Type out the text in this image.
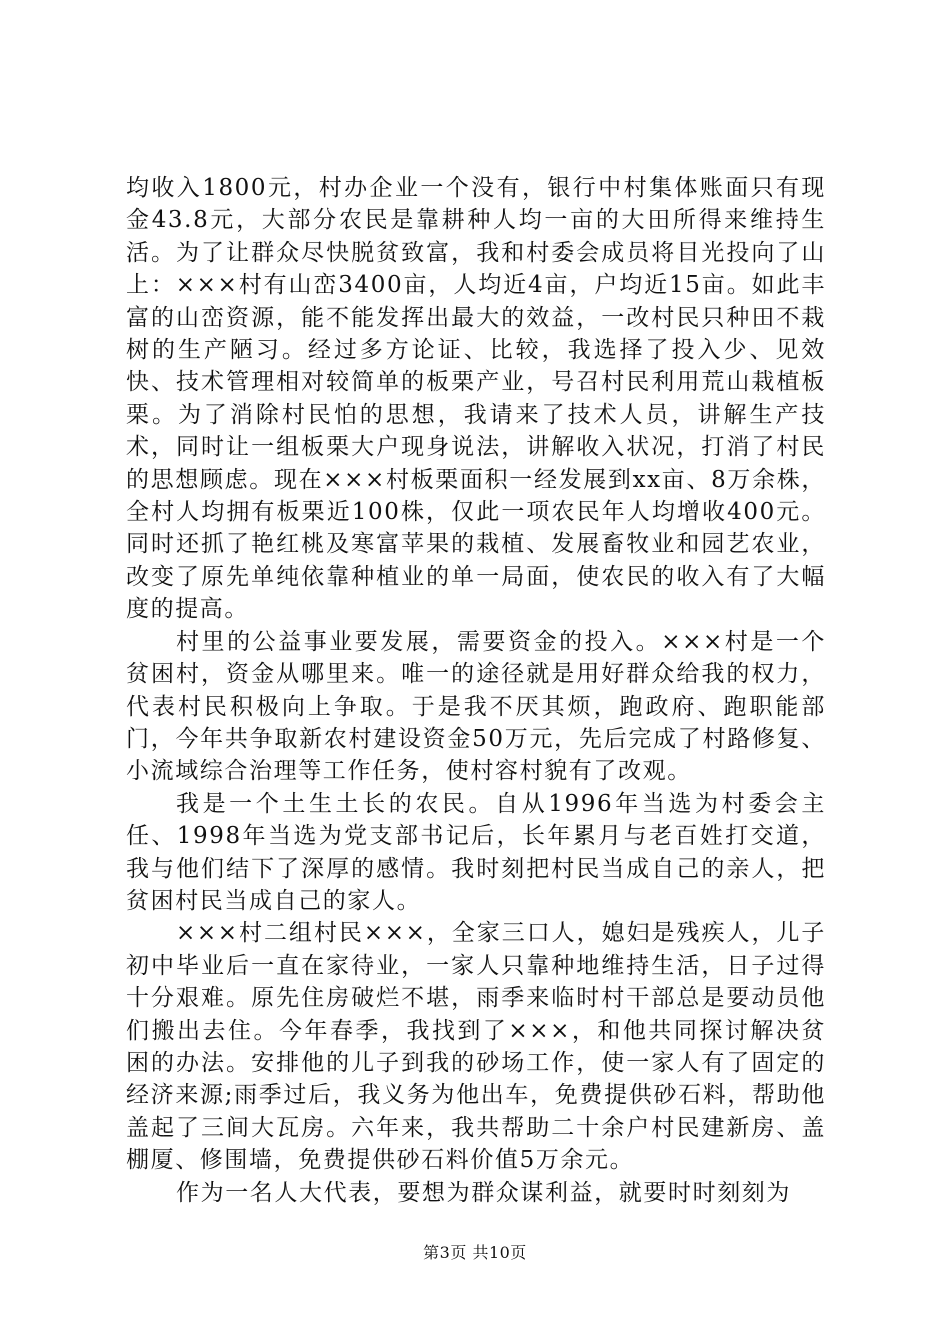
均收入1800元，村办企业一个没有，银行中村集体账面只有现金43.8元，大部分农民是靠耕种人均一亩的大田所得来维持生活。为了让群众尽快脱贫致富，我和村委会成员将目光投向了山上：×××村有山峦3400亩，人均近4亩，户均近15亩。如此丰富的山峦资源，能不能发挥出最大的效益，一改村民只种田不栽树的生产陋习。经过多方论证、比较，我选择了投入少、见效快、技术管理相对较简单的板栗产业，号召村民利用荒山栽植板栗。为了消除村民怕的思想，我请来了技术人员，讲解生产技术，同时让一组板栗大户现身说法，讲解收入状况，打消了村民的思想顾虑。现在×××村板栗面积一经发展到xx亩、8万余株，全村人均拥有板栗近100株，仅此一项农民年人均增收400元。同时还抓了艳红桃及寒富苹果的栽植、发展畜牧业和园艺农业，改变了原先单纯依靠种植业的单一局面，使农民的收入有了大幅度的提高。

村里的公益事业要发展，需要资金的投入。×××村是一个贫困村，资金从哪里来。唯一的途径就是用好群众给我的权力，代表村民积极向上争取。于是我不厌其烦，跑政府、跑职能部门，今年共争取新农村建设资金50万元，先后完成了村路修复、小流域综合治理等工作任务，使村容村貌有了改观。

我是一个土生土长的农民。自从1996年当选为村委会主任、1998年当选为党支部书记后，长年累月与老百姓打交道，我与他们结下了深厚的感情。我时刻把村民当成自己的亲人，把贫困村民当成自己的家人。

×××村二组村民×××，全家三口人，媳妇是残疾人，儿子初中毕业后一直在家待业，一家人只靠种地维持生活，日子过得十分艰难。原先住房破烂不堪，雨季来临时村干部总是要动员他们搬出去住。今年春季，我找到了×××，和他共同探讨解决贫困的办法。安排他的儿子到我的砂场工作，使一家人有了固定的经济来源;雨季过后，我义务为他出车，免费提供砂石料，帮助他盖起了三间大瓦房。六年来，我共帮助二十余户村民建新房、盖棚厦、修围墙，免费提供砂石料价值5万余元。

作为一名人大代表，要想为群众谋利益，就要时时刻刻为

第3页 共10页
